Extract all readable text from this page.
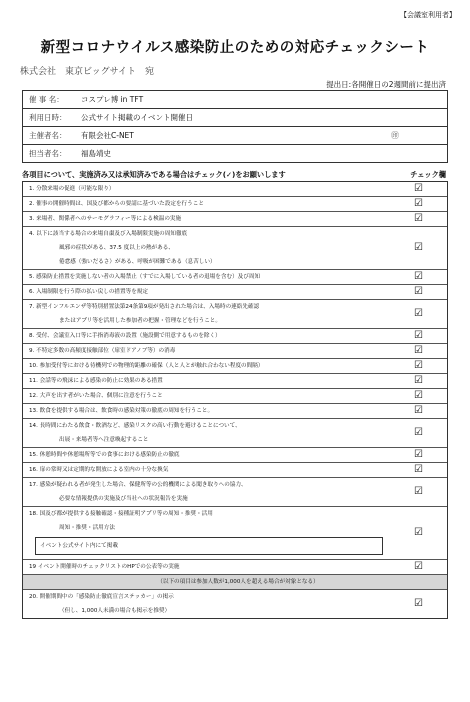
【会議室利用者】
新型コロナウイルス感染防止のための対応チェックシート
株式会社　東京ビッグサイト　宛
提出日:各開催日の2週間前に提出済
催 事 名：	コスプレ博 in TFT
利用日時：	公式サイト掲載のイベント開催日
主催者名：	有限会社C-NET	㊞
担当者名：	福島靖史
各項目について、実施済み又は承知済みである場合はチェック(✓)をお願いします	チェック欄
1. 分散来場の促進（可能な限り）	☑
2. 催事の開催時間は、国及び都からの要請に基づいた設定を行うこと	☑
3. 来場者、関係者へのサーモグラフィー等による検温の実施	☑
4. 以下に該当する場合の来場自粛及び入場制限実施の周知徹底
風邪の症状がある、37.5 度以上の熱がある、
倦怠感（強いだるさ）がある、呼吸が困難である（息苦しい）
☑
5. 感染防止措置を実施しない者の入場禁止（すでに入場している者の退場を含む）及び周知	☑
6. 入場制限を行う際の払い戻しの措置等を規定	☑
7. 新型インフルエンザ等特別措置法第24条第9項が発出された場合は、入場時の連絡先確認
またはアプリ等を活用した参加者の把握・管理などを行うこと。
☑
8. 受付、会議室入口等に手指消毒液の設置（施設側で用意するものを除く）	☑
9. 不特定多数の高頻度接触部位（扉室ドアノブ等）の消毒	☑
10. 参加受付等における待機列での物理的距離の確保（人と人とが触れ合わない程度の間隔）	☑
11. 会話等の飛沫による感染の防止に効果のある措置	☑
12. 大声を出す者がいた場合、個別に注意を行うこと	☑
13. 飲食を提供する場合は、飲食時の感染対策の徹底の周知を行うこと。	☑
14. 長時間にわたる飲食・飲酒など、感染リスクの高い行動を避けることについて、
出展・来場者等へ注意喚起すること
☑
15. 休憩時間や休憩場所等での食事における感染防止の徹底	☑
16. 扉の常時又は定期的な開放による室内の十分な換気	☑
17. 感染が疑われる者が発生した場合、保健所等の公的機関による聞き取りへの協力、
必要な情報提供の実施及び当社への状況報告を実施
☑
18. 国及び都が提供する接触確認・接種証明アプリ等の周知・推奨・活用
周知・推奨・活用方法
イベント公式サイト内にて掲載
☑
19 イベント開催時のチェックリストのHPでの公表等の実施	☑
（以下の項目は参加人数が1,000人を超える場合が対象となる）
20. 開催期間中の「感染防止徹底宣言ステッカー」の掲示
（但し、1,000人未満の場合も掲示を推奨）
☑
